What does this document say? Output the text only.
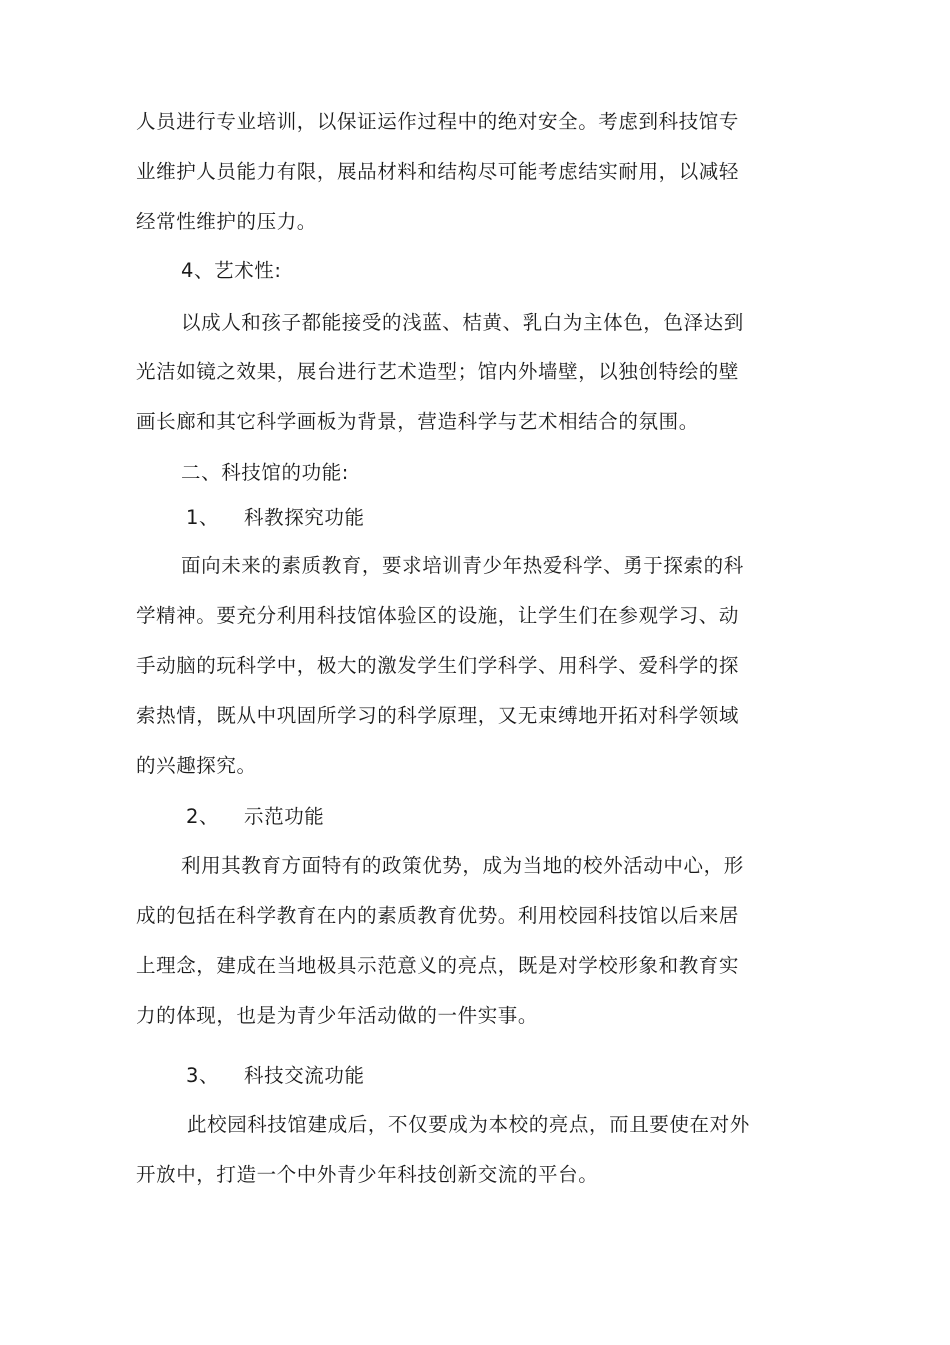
人员进行专业培训，以保证运作过程中的绝对安全。考虑到科技馆专
业维护人员能力有限，展品材料和结构尽可能考虑结实耐用，以减轻
经常性维护的压力。
4、艺术性:
以成人和孩子都能接受的浅蓝、桔黄、乳白为主体色，色泽达到
光洁如镜之效果，展台进行艺术造型；馆内外墙壁，以独创特绘的壁
画长廊和其它科学画板为背景，营造科学与艺术相结合的氛围。
二、科技馆的功能:
1、 科教探究功能
面向未来的素质教育，要求培训青少年热爱科学、勇于探索的科
学精神。要充分利用科技馆体验区的设施，让学生们在参观学习、动
手动脑的玩科学中，极大的激发学生们学科学、用科学、爱科学的探
索热情，既从中巩固所学习的科学原理，又无束缚地开拓对科学领域
的兴趣探究。
2、 示范功能
利用其教育方面特有的政策优势，成为当地的校外活动中心，形
成的包括在科学教育在内的素质教育优势。利用校园科技馆以后来居
上理念，建成在当地极具示范意义的亮点，既是对学校形象和教育实
力的体现，也是为青少年活动做的一件实事。
3、 科技交流功能
此校园科技馆建成后，不仅要成为本校的亮点，而且要使在对外
开放中，打造一个中外青少年科技创新交流的平台。
